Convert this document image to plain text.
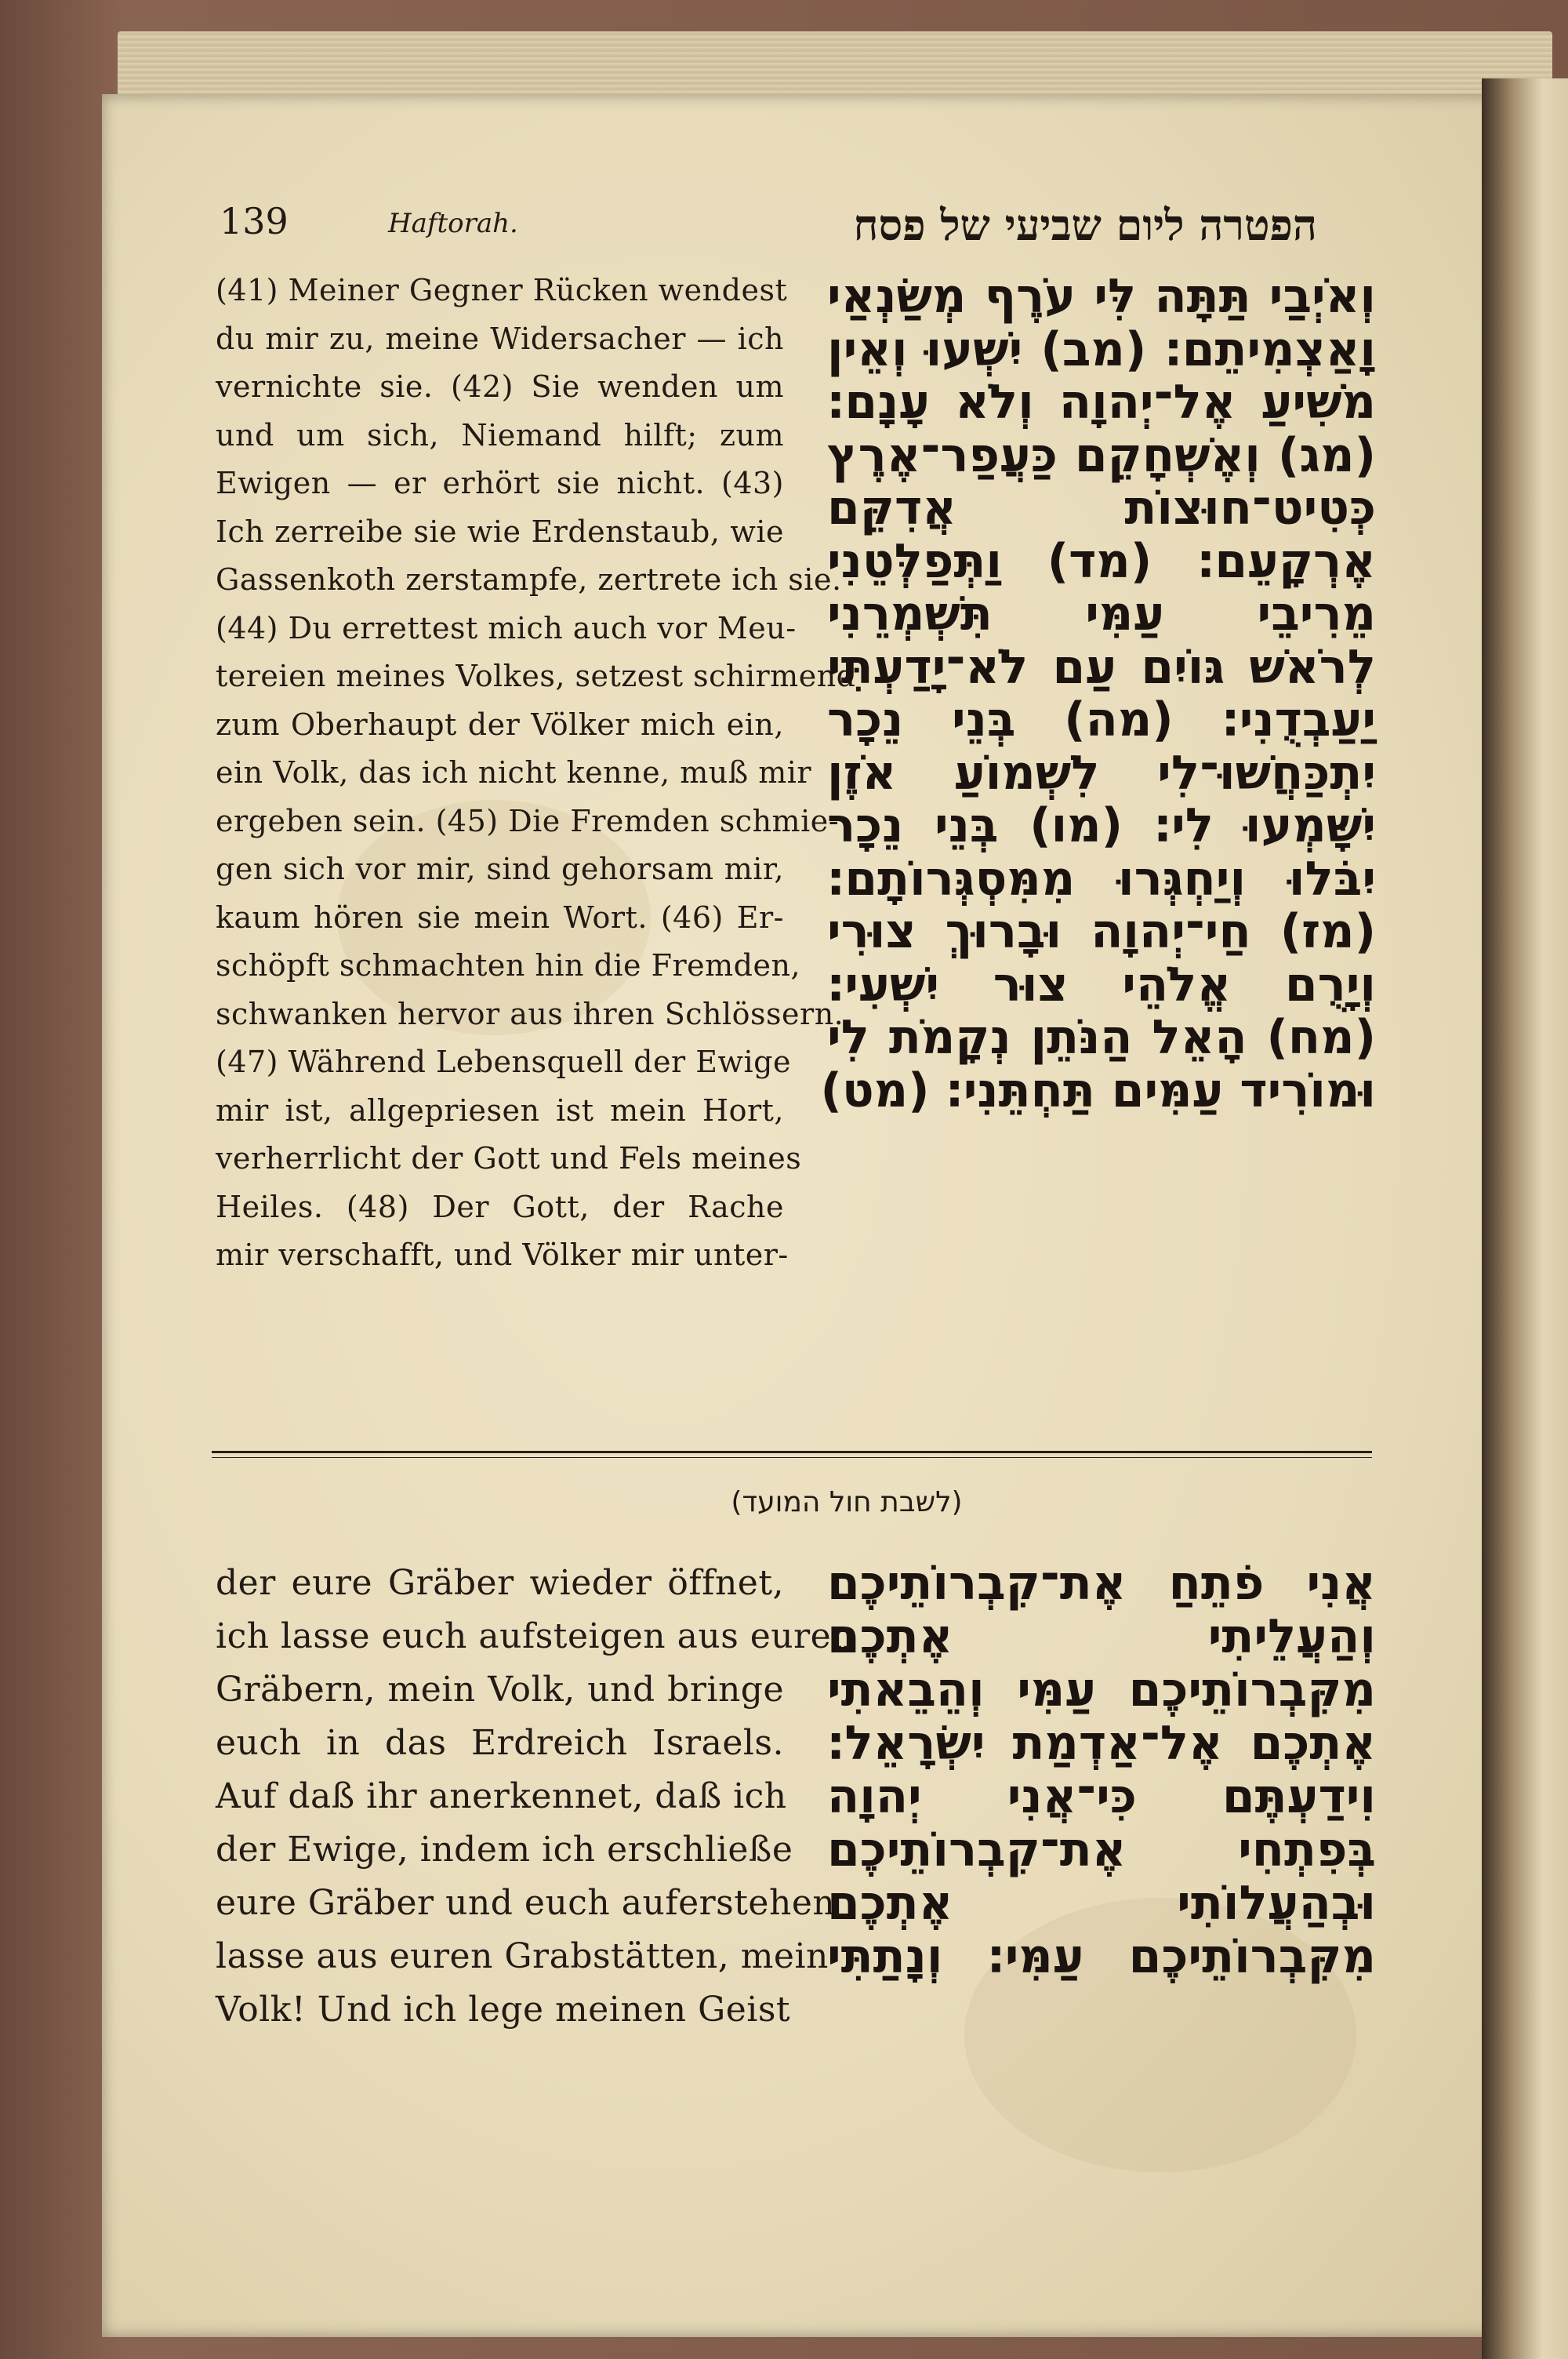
139	Haftorah.	הפטרה ליום שביעי של פסח
(41) Meiner Gegner Rücken wendest
du mir zu, meine Widersacher — ich
vernichte sie. (42) Sie wenden um
und um sich, Niemand hilft; zum
Ewigen — er erhört sie nicht. (43)
Ich zerreibe sie wie Erdenstaub, wie
Gassenkoth zerstampfe, zertrete ich sie.
(44) Du errettest mich auch vor Meu-
tereien meines Volkes, setzest schirmend
zum Oberhaupt der Völker mich ein,
ein Volk, das ich nicht kenne, muß mir
ergeben sein. (45) Die Fremden schmie-
gen sich vor mir, sind gehorsam mir,
kaum hören sie mein Wort. (46) Er-
schöpft schmachten hin die Fremden,
schwanken hervor aus ihren Schlössern.
(47) Während Lebensquell der Ewige
mir ist, allgepriesen ist mein Hort,
verherrlicht der Gott und Fels meines
Heiles. (48) Der Gott, der Rache
mir verschafft, und Völker mir unter-
וְאֹיְבַי תַּתָּה לִּי עֹרֶף מְשַׂנְאַי
וָאַצְמִיתֵם׃ (מב) יִשְׁעוּ וְאֵין
מֹשִׁיעַ אֶל־יְהוָה וְלֹא עָנָם׃
(מג) וְאֶשְׁחָקֵם כַּעֲפַר־אֶרֶץ
כְּטִיט־חוּצוֹת אֲדִקֵּם
אֶרְקָעֵם׃ (מד) וַתְּפַלְּטֵנִי
מֵרִיבֵי עַמִּי תִּשְׁמְרֵנִי
לְרֹאשׁ גּוֹיִם עַם לֹא־יָדַעְתִּי
יַעַבְדֻנִי׃ (מה) בְּנֵי נֵכָר
יִתְכַּחֲשׁוּ־לִי לִשְׁמוֹעַ אֹזֶן
יִשָּׁמְעוּ לִי׃ (מו) בְּנֵי נֵכָר
יִבֹּלוּ וְיַחְגְּרוּ מִמִּסְגְּרוֹתָם׃
(מז) חַי־יְהוָה וּבָרוּךְ צוּרִי
וְיָרֻם אֱלֹהֵי צוּר יִשְׁעִי׃
(מח) הָאֵל הַנֹּתֵן נְקָמֹת לִי
וּמוֹרִיד עַמִּים תַּחְתֵּנִי׃ (מט)
(לשבת חול המועד)
der eure Gräber wieder öffnet,
ich lasse euch aufsteigen aus euren
Gräbern, mein Volk, und bringe
euch in das Erdreich Israels.
Auf daß ihr anerkennet, daß ich
der Ewige, indem ich erschließe
eure Gräber und euch auferstehen
lasse aus euren Grabstätten, mein
Volk! Und ich lege meinen Geist
אֲנִי פֹתֵחַ אֶת־קִבְרוֹתֵיכֶם
וְהַעֲלֵיתִי אֶתְכֶם
מִקִּבְרוֹתֵיכֶם עַמִּי וְהֵבֵאתִי
אֶתְכֶם אֶל־אַדְמַת יִשְׂרָאֵל׃
וִידַעְתֶּם כִּי־אֲנִי יְהוָה
בְּפִתְחִי אֶת־קִבְרוֹתֵיכֶם
וּבְהַעֲלוֹתִי אֶתְכֶם
מִקִּבְרוֹתֵיכֶם עַמִּי׃ וְנָתַתִּי
